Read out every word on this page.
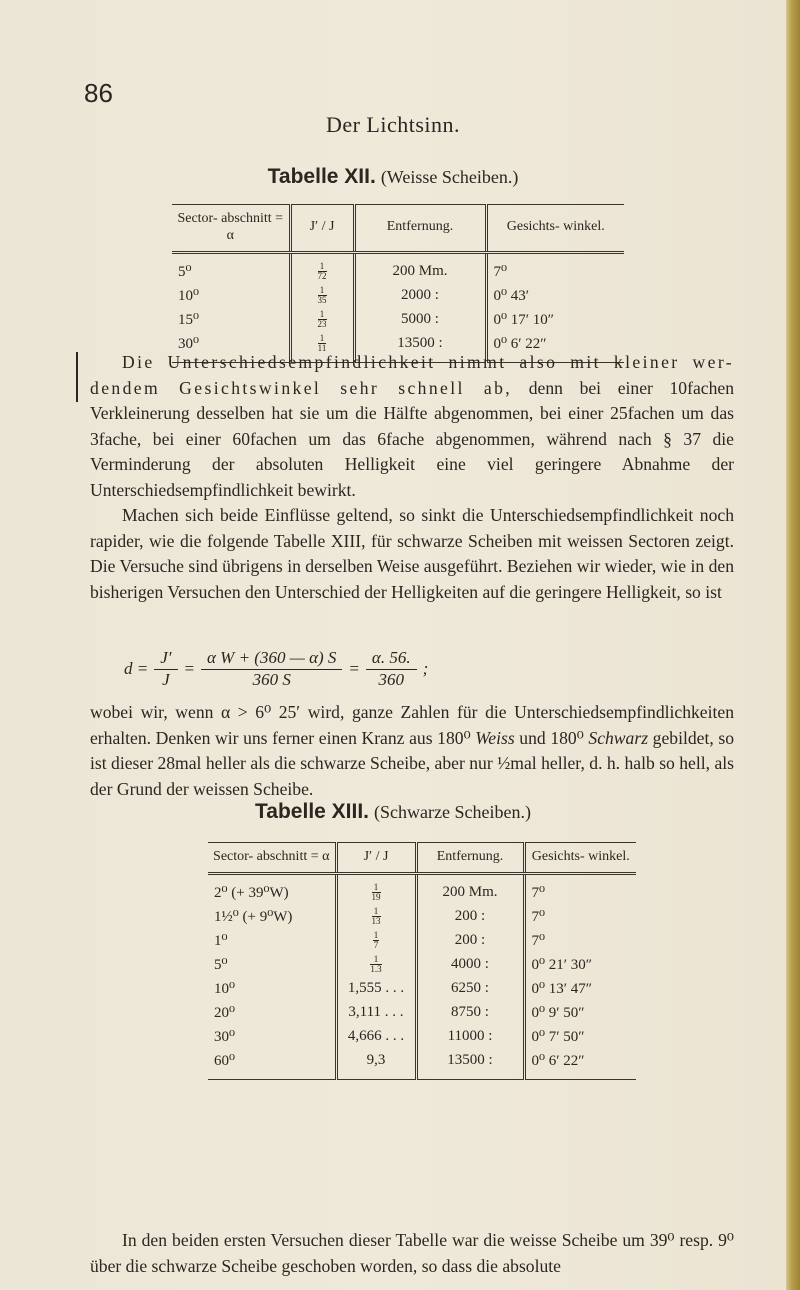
86
Der Lichtsinn.
Tabelle XII. (Weisse Scheiben.)
Sector- abschnitt = α	J′ / J	Entfernung.	Gesichts- winkel.
5⁰	$\frac{1}{72}$	200 Mm.	7⁰
10⁰	$\frac{1}{35}$	2000 :	0⁰ 43′
15⁰	$\frac{1}{23}$	5000 :	0⁰ 17′ 10″
30⁰	$\frac{1}{11}$	13500 :	0⁰ 6′ 22″

Die Unterschiedsempfindlichkeit nimmt also mit kleiner wer- dendem Gesichtswinkel sehr schnell ab, denn bei einer 10fachen Verkleinerung desselben hat sie um die Hälfte abgenommen, bei einer 25fachen um das 3fache, bei einer 60fachen um das 6fache abgenommen, während nach § 37 die Verminderung der absoluten Helligkeit eine viel geringere Abnahme der Unterschiedsempfindlichkeit bewirkt.

Machen sich beide Einflüsse geltend, so sinkt die Unterschiedsempfindlichkeit noch rapider, wie die folgende Tabelle XIII, für schwarze Scheiben mit weissen Sectoren zeigt. Die Versuche sind übrigens in derselben Weise ausgeführt. Beziehen wir wieder, wie in den bisherigen Versuchen den Unterschied der Helligkeiten auf die geringere Helligkeit, so ist

d =	J′	=	α W + (360 — α) S	=	α. 56.	;
	J		360 S		360	

wobei wir, wenn α > 6⁰ 25′ wird, ganze Zahlen für die Unterschiedsempfindlichkeiten erhalten. Denken wir uns ferner einen Kranz aus 180⁰ Weiss und 180⁰ Schwarz gebildet, so ist dieser 28mal heller als die schwarze Scheibe, aber nur ½mal heller, d. h. halb so hell, als der Grund der weissen Scheibe.

Tabelle XIII. (Schwarze Scheiben.)
Sector- abschnitt = α	J′ / J	Entfernung.	Gesichts- winkel.
2⁰ (+ 39⁰W)	$\frac{1}{19}$	200 Mm.	7⁰
1½⁰ (+ 9⁰W)	$\frac{1}{13}$	200 :	7⁰
1⁰	$\frac{1}{7}$	200 :	7⁰
5⁰	$\frac{1}{1.3}$	4000 :	0⁰ 21′ 30″
10⁰	1,555 . . .	6250 :	0⁰ 13′ 47″
20⁰	3,111 . . .	8750 :	0⁰ 9′ 50″
30⁰	4,666 . . .	11000 :	0⁰ 7′ 50″
60⁰	9,3	13500 :	0⁰ 6′ 22″

In den beiden ersten Versuchen dieser Tabelle war die weisse Scheibe um 39⁰ resp. 9⁰ über die schwarze Scheibe geschoben worden, so dass die absolute
